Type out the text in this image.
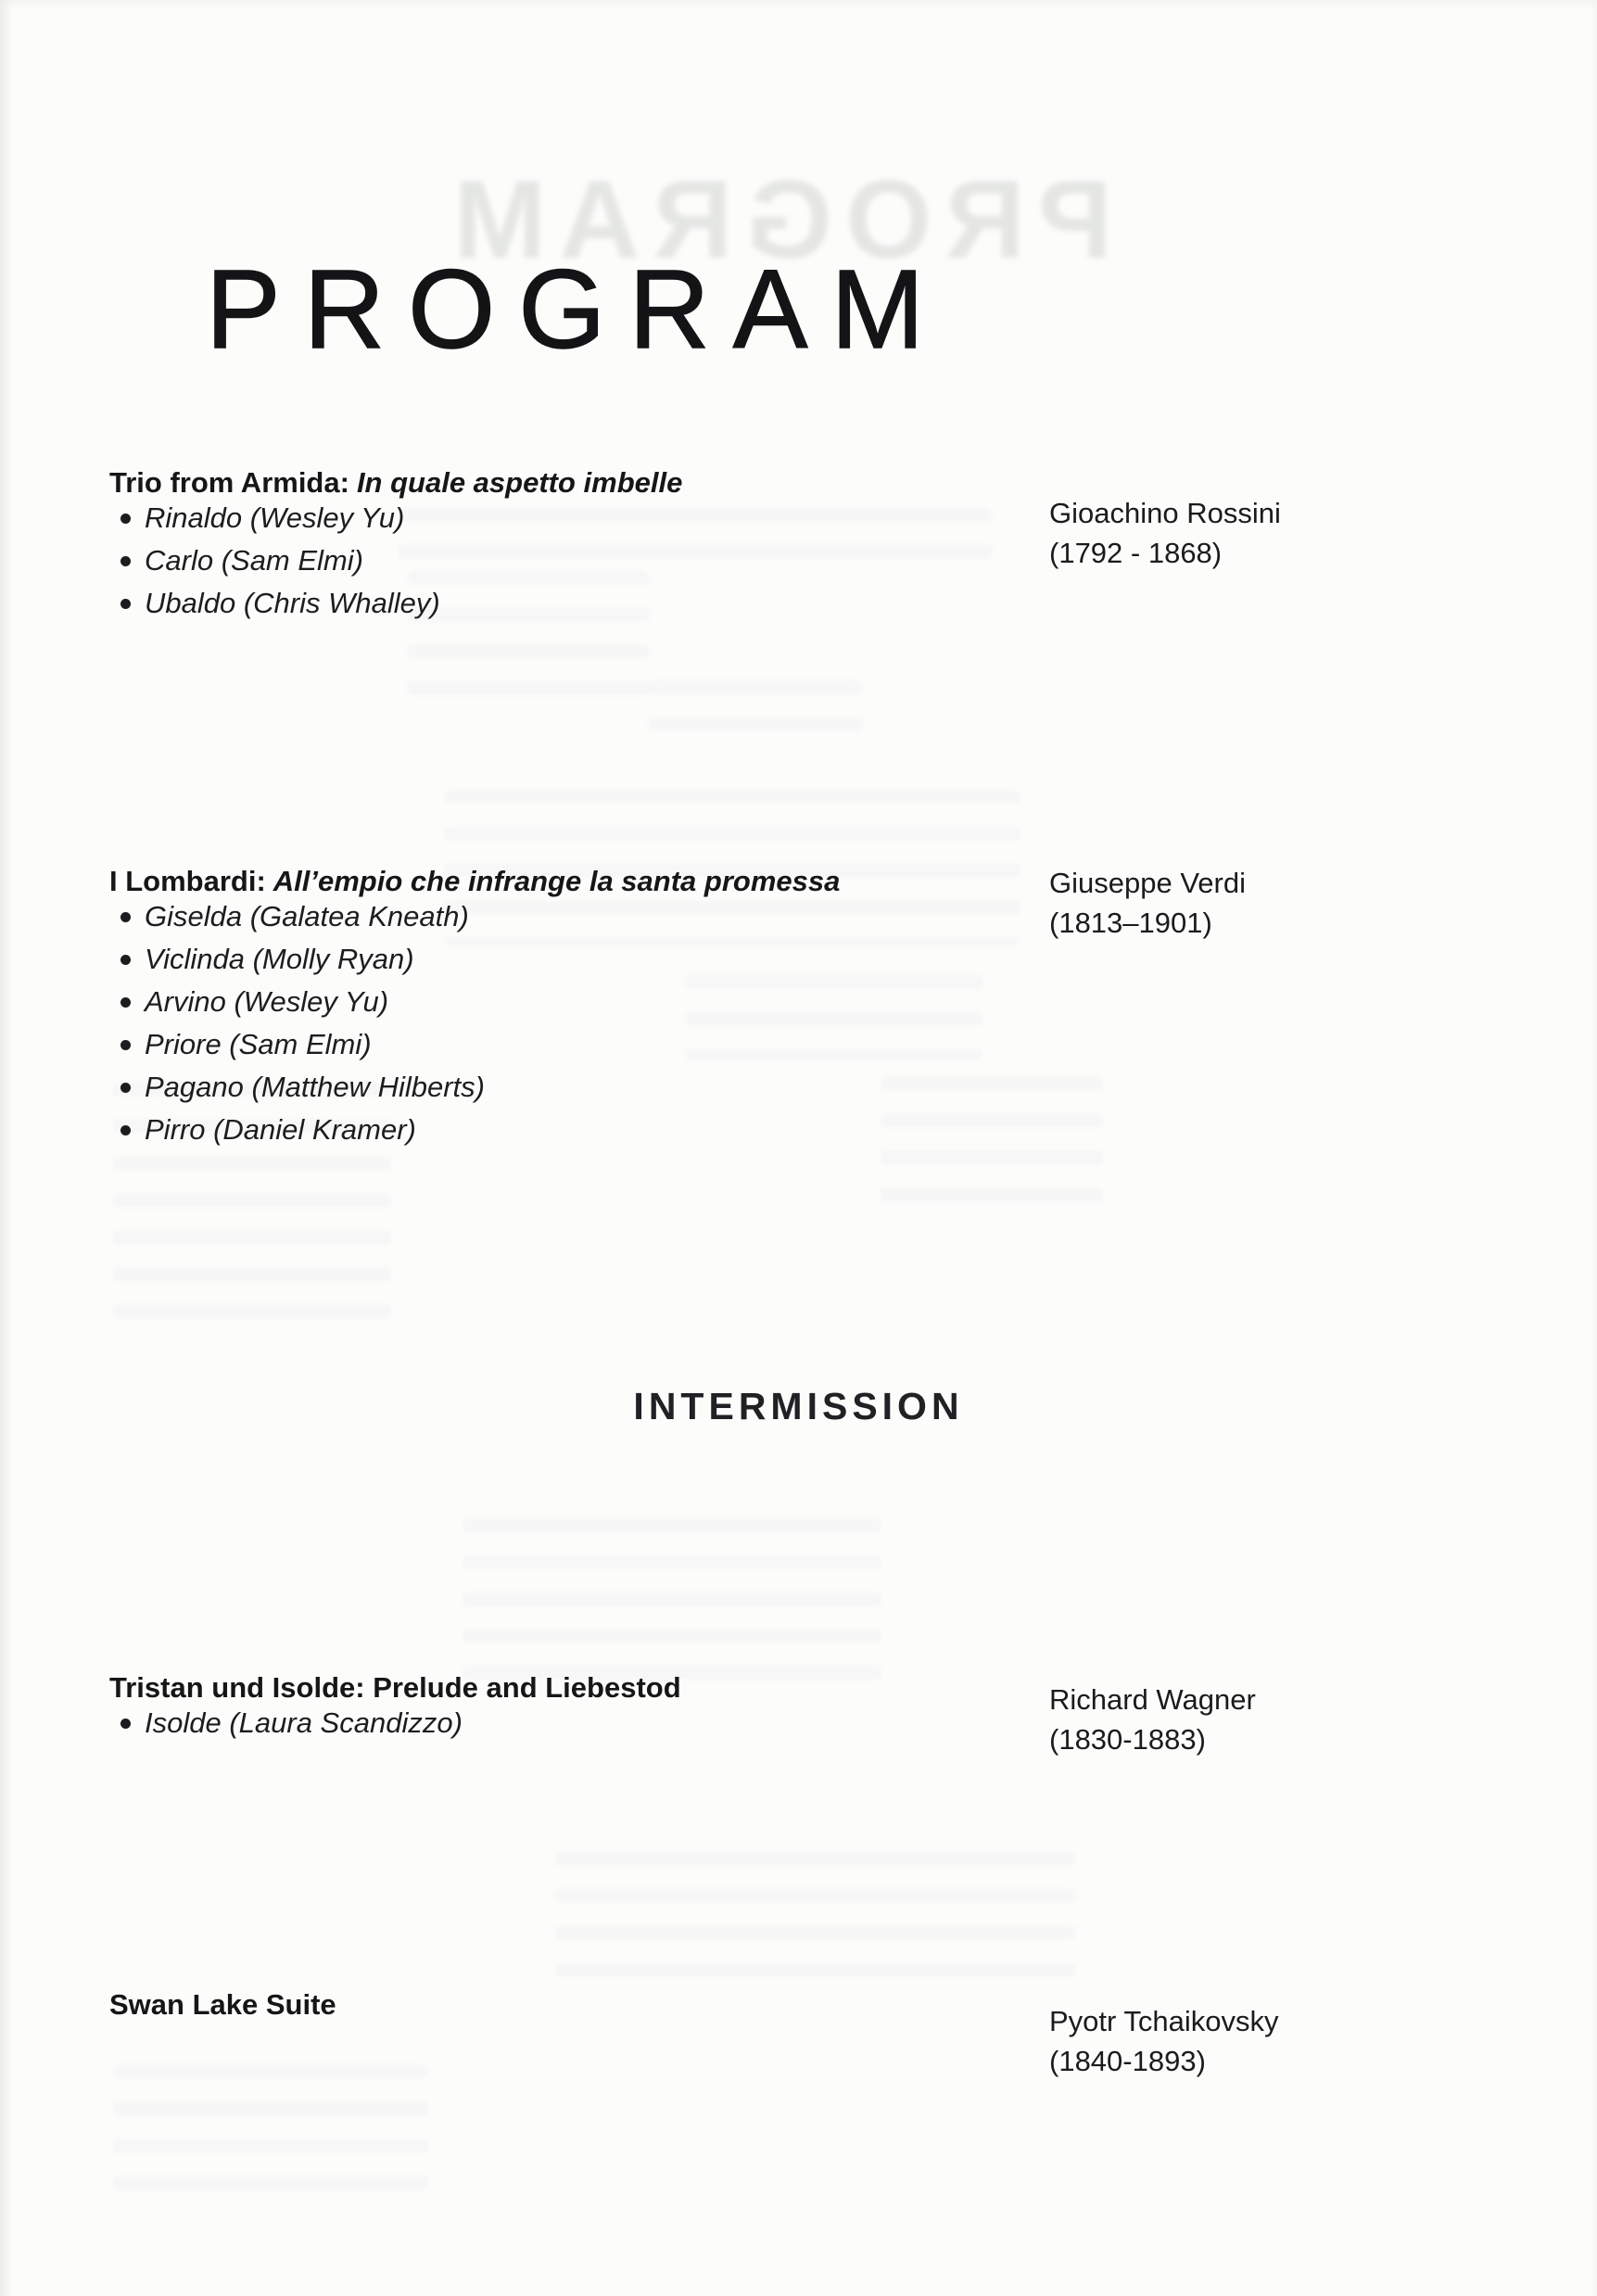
PROGRAM
PROGRAM
Trio from Armida: In quale aspetto imbelle
Rinaldo (Wesley Yu)
Carlo (Sam Elmi)
Ubaldo (Chris Whalley)
Gioachino Rossini
(1792 - 1868)
I Lombardi: All’empio che infrange la santa promessa
Giselda (Galatea Kneath)
Viclinda (Molly Ryan)
Arvino (Wesley Yu)
Priore (Sam Elmi)
Pagano (Matthew Hilberts)
Pirro (Daniel Kramer)
Giuseppe Verdi
(1813–1901)
INTERMISSION
Tristan und Isolde: Prelude and Liebestod
Isolde (Laura Scandizzo)
Richard Wagner
(1830-1883)
Swan Lake Suite
Pyotr Tchaikovsky
(1840-1893)
